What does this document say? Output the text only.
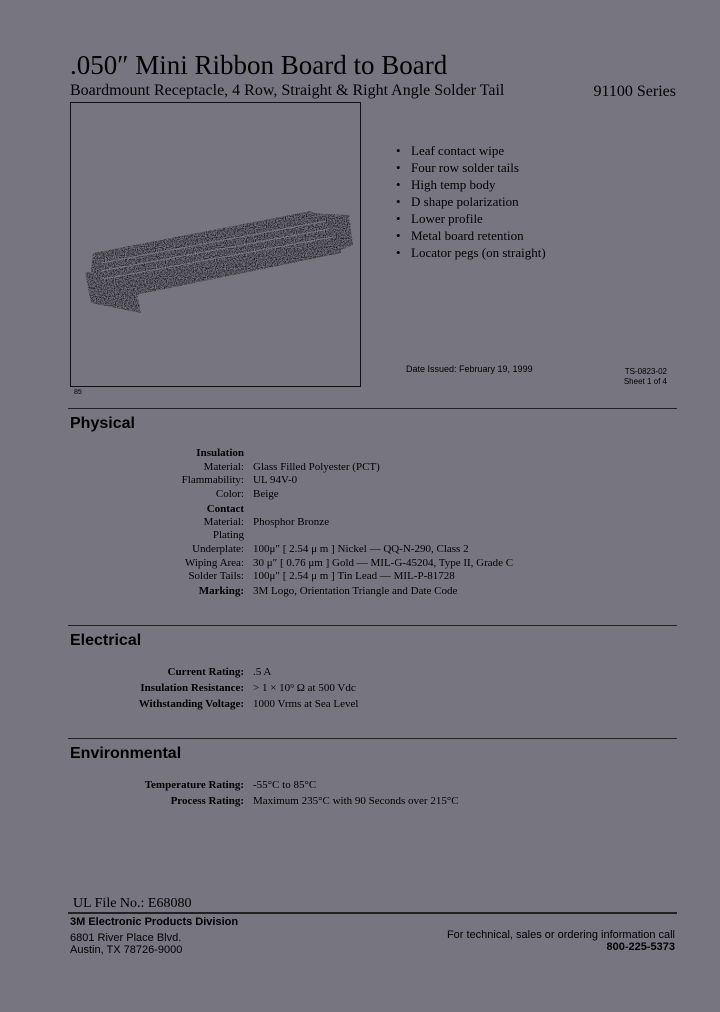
.050″ Mini Ribbon Board to Board
Boardmount Receptacle, 4 Row, Straight & Right Angle Solder Tail	91100 Series
85
• Leaf contact wipe
• Four row solder tails
• High temp body
• D shape polarization
• Lower profile
• Metal board retention
• Locator pegs (on straight)
Date Issued: February 19, 1999	TS-0823-02
Sheet 1 of 4
Physical
Insulation
Material: Glass Filled Polyester (PCT)
Flammability: UL 94V-0
Color: Beige
Contact
Material: Phosphor Bronze
Plating
Underplate: 100μ″ [ 2.54 μ m ] Nickel — QQ-N-290, Class 2
Wiping Area: 30 μ″ [ 0.76 μm ] Gold — MIL-G-45204, Type II, Grade C
Solder Tails: 100μ″ [ 2.54 μ m ] Tin Lead — MIL-P-81728
Marking: 3M Logo, Orientation Triangle and Date Code
Electrical
Current Rating: .5 A
Insulation Resistance: > 1 × 10⁹ Ω at 500 Vdc
Withstanding Voltage: 1000 Vrms at Sea Level
Environmental
Temperature Rating: -55°C to 85°C
Process Rating: Maximum 235°C with 90 Seconds over 215°C
UL File No.: E68080
3M Electronic Products Division
6801 River Place Blvd.
Austin, TX 78726-9000
For technical, sales or ordering information call
800-225-5373
